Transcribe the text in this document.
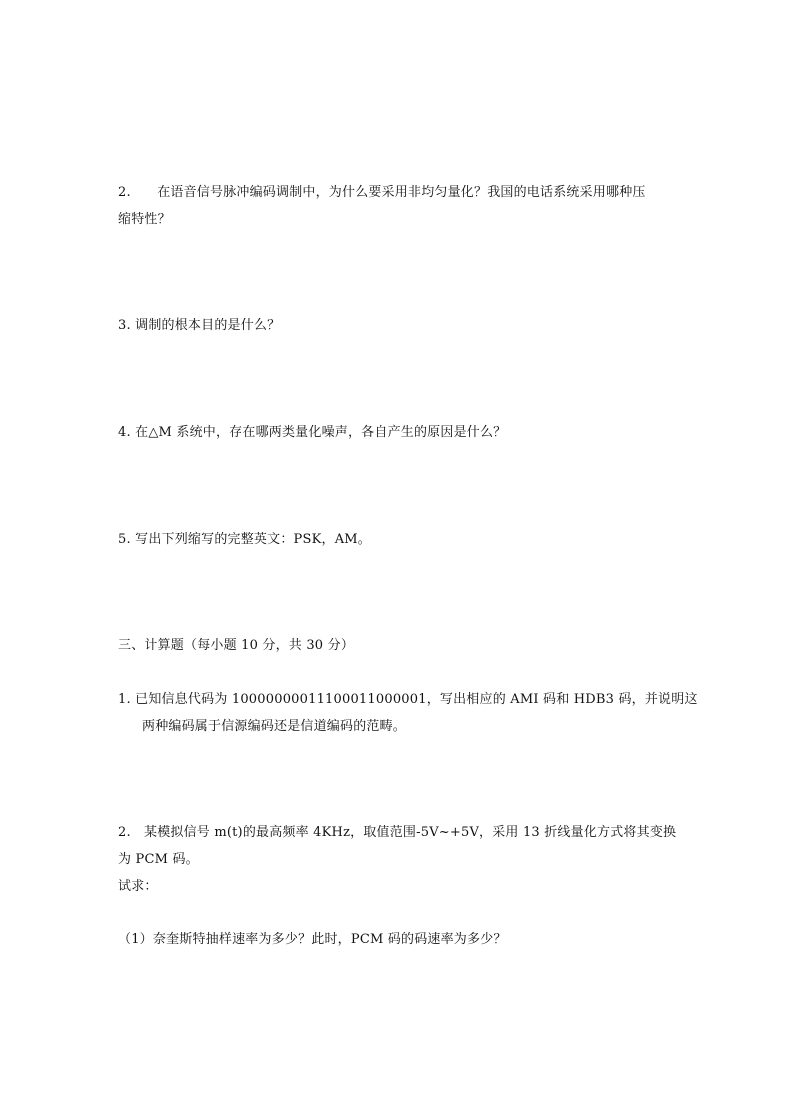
2.　　在语音信号脉冲编码调制中，为什么要采用非均匀量化？我国的电话系统采用哪种压
缩特性？
3. 调制的根本目的是什么？
4. 在△M 系统中，存在哪两类量化噪声，各自产生的原因是什么？
5. 写出下列缩写的完整英文：PSK，AM。
三、计算题（每小题 10 分，共 30 分）
1. 已知信息代码为 10000000011100011000001，写出相应的 AMI 码和 HDB3 码，并说明这
两种编码属于信源编码还是信道编码的范畴。
2.　某模拟信号 m(t)的最高频率 4KHz，取值范围-5V~+5V，采用 13 折线量化方式将其变换
为 PCM 码。
试求：
（1）奈奎斯特抽样速率为多少？此时，PCM 码的码速率为多少？
